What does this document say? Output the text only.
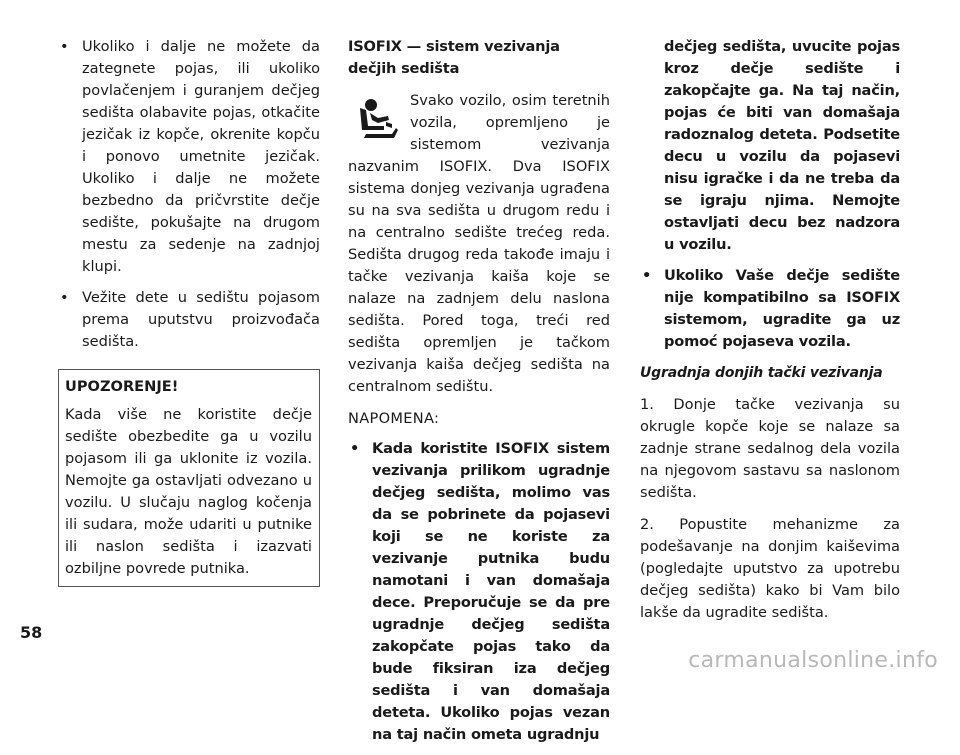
• Ukoliko i dalje ne možete da zategnete pojas, ili ukoliko povlačenjem i guranjem dečjeg sedišta olabavite pojas, otkačite jezičak iz kopče, okrenite kopču i ponovo umetnite jezičak. Ukoliko i dalje ne možete bezbedno da pričvrstite dečje sedište, pokušajte na drugom mestu za sedenje na zadnjoj klupi.
• Vežite dete u sedištu pojasom prema uputstvu proizvođača sedišta.
UPOZORENJE!
Kada više ne koristite dečje sedište obezbedite ga u vozilu pojasom ili ga uklonite iz vozila. Nemojte ga ostavljati odvezano u vozilu. U slučaju naglog kočenja ili sudara, može udariti u putnike ili naslon sedišta i izazvati ozbiljne povrede putnika.
ISOFIX — sistem vezivanja dečjih sedišta
Svako vozilo, osim teretnih vozila, opremljeno je sistemom vezivanja nazvanim ISOFIX. Dva ISOFIX sistema donjeg vezivanja ugrađena su na sva sedišta u drugom redu i na centralno sedište trećeg reda. Sedišta drugog reda takođe imaju i tačke vezivanja kaiša koje se nalaze na zadnjem delu naslona sedišta. Pored toga, treći red sedišta opremljen je tačkom vezivanja kaiša dečjeg sedišta na centralnom sedištu.
NAPOMENA:
• Kada koristite ISOFIX sistem vezivanja prilikom ugradnje dečjeg sedišta, molimo vas da se pobrinete da pojasevi koji se ne koriste za vezivanje putnika budu namotani i van domašaja dece. Preporučuje se da pre ugradnje dečjeg sedišta zakopčate pojas tako da bude fiksiran iza dečjeg sedišta i van domašaja deteta. Ukoliko pojas vezan na taj način ometa ugradnju
dečjeg sedišta, uvucite pojas kroz dečje sedište i zakopčajte ga. Na taj način, pojas će biti van domašaja radoznalog deteta. Podsetite decu u vozilu da pojasevi nisu igračke i da ne treba da se igraju njima. Nemojte ostavljati decu bez nadzora u vozilu.
• Ukoliko Vaše dečje sedište nije kompatibilno sa ISOFIX sistemom, ugradite ga uz pomoć pojaseva vozila.
Ugradnja donjih tački vezivanja
1. Donje tačke vezivanja su okrugle kopče koje se nalaze sa zadnje strane sedalnog dela vozila na njegovom sastavu sa naslonom sedišta.
2. Popustite mehanizme za podešavanje na donjim kaiševima (pogledajte uputstvo za upotrebu dečjeg sedišta) kako bi Vam bilo lakše da ugradite sedišta.
58
carmanualsonline.info
